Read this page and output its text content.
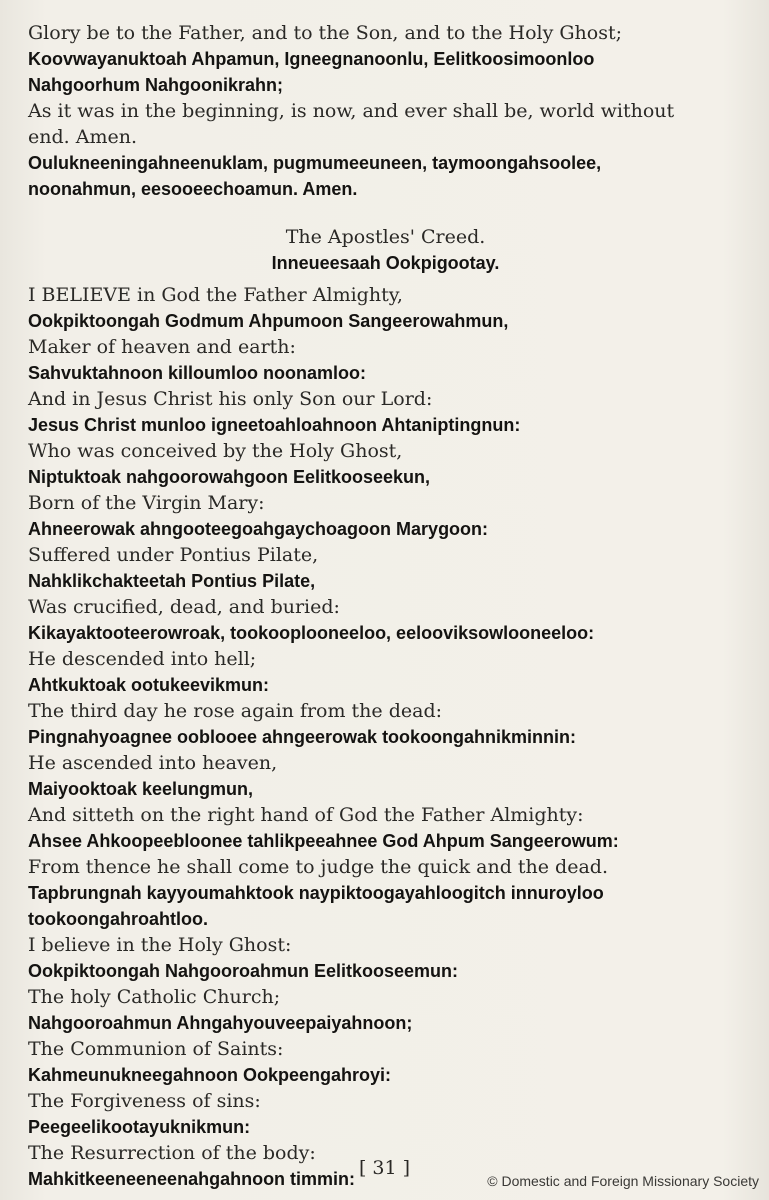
Glory be to the Father, and to the Son, and to the Holy Ghost;
Koovwayanuktoah Ahpamun, Igneegnanoonlu, Eelitkoosimoonloo
Nahgoorhum Nahgoonikrahn;
As it was in the beginning, is now, and ever shall be, world without
end. Amen.
Oulukneeningahneenuklam, pugmumeeuneen, taymoongahsoolee,
noonahmun, eesooeechoamun. Amen.
The Apostles' Creed.
Inneueesaah Ookpigootay.
I BELIEVE in God the Father Almighty,
Ookpiktoongah Godmum Ahpumoon Sangeerowahmun,
Maker of heaven and earth:
Sahvuktahnoon killoumloo noonamloo:
And in Jesus Christ his only Son our Lord:
Jesus Christ munloo igneetoahloahnoon Ahtaniptingnun:
Who was conceived by the Holy Ghost,
Niptuktoak nahgoorowahgoon Eelitkooseekun,
Born of the Virgin Mary:
Ahneerowak ahngooteegoahgaychoagoon Marygoon:
Suffered under Pontius Pilate,
Nahklikchakteetah Pontius Pilate,
Was crucified, dead, and buried:
Kikayaktooteerowroak, tookooplooneeloo, eelooviksowlooneeloo:
He descended into hell;
Ahtkuktoak ootukeevikmun:
The third day he rose again from the dead:
Pingnahyoagnee ooblooee ahngeerowak tookoongahnikminnin:
He ascended into heaven,
Maiyooktoak keelungmun,
And sitteth on the right hand of God the Father Almighty:
Ahsee Ahkoopeebloonee tahlikpeeahnee God Ahpum Sangeerowum:
From thence he shall come to judge the quick and the dead.
Tapbrungnah kayyoumahktook naypiktoogayahloogitch innuroyloo
tookoongahroahtloo.
I believe in the Holy Ghost:
Ookpiktoongah Nahgooroahmun Eelitkooseemun:
The holy Catholic Church;
Nahgooroahmun Ahngahyouveepaiyahnoon;
The Communion of Saints:
Kahmeunukneegahnoon Ookpeengahroyi:
The Forgiveness of sins:
Peegeelikootayuknikmun:
The Resurrection of the body:
Mahkitkeeneeneenahgahnoon timmin: [ 31 ]
© Domestic and Foreign Missionary Society
